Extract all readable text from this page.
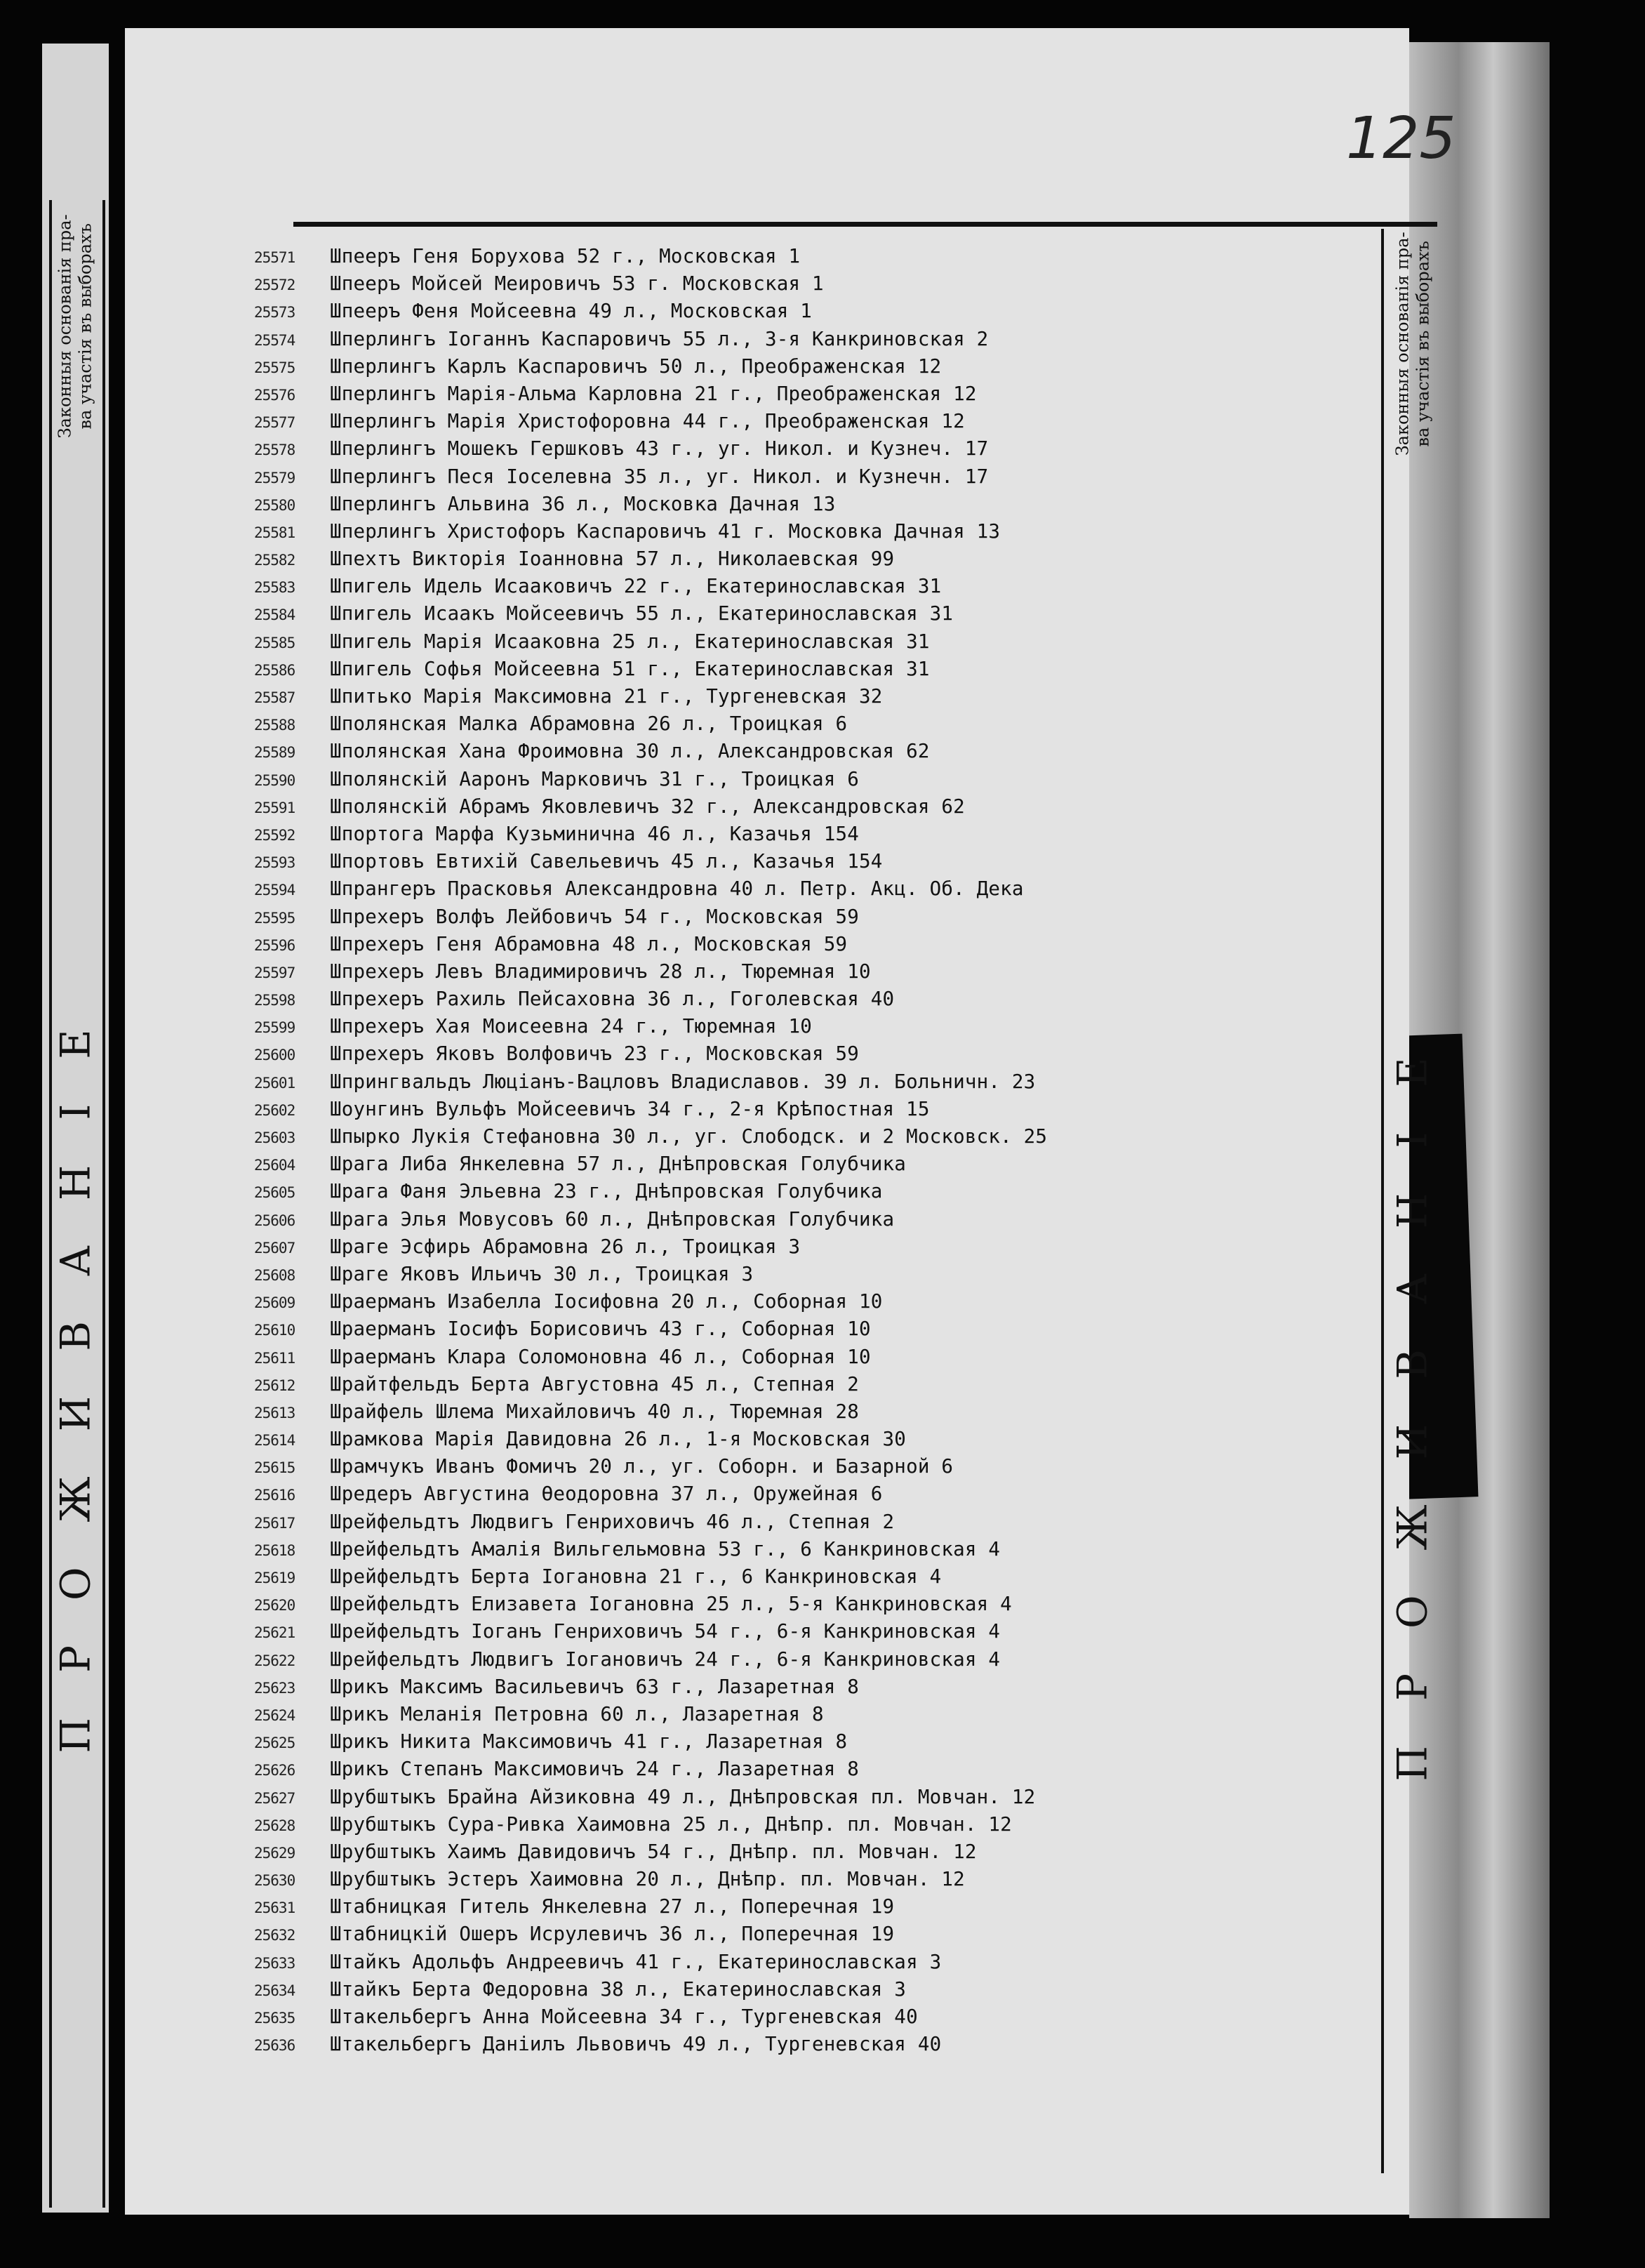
Законныя основанія пра-
ва участія въ выборахъ
ПРОЖИВАНІЕ
125
Законныя основанія пра-
ва участія въ выборахъ
ПРОЖИВАНІЕ
25571 Шпееръ Геня Борухова 52 г., Московская 1
25572 Шпееръ Мойсей Меировичъ 53 г. Московская 1
25573 Шпееръ Феня Мойсеевна 49 л., Московская 1
25574 Шперлингъ Іоганнъ Каспаровичъ 55 л., 3-я Канкриновская 2
25575 Шперлингъ Карлъ Каспаровичъ 50 л., Преображенская 12
25576 Шперлингъ Марія-Альма Карловна 21 г., Преображенская 12
25577 Шперлингъ Марія Христофоровна 44 г., Преображенская 12
25578 Шперлингъ Мошекъ Гершковъ 43 г., уг. Никол. и Кузнеч. 17
25579 Шперлингъ Песя Іоселевна 35 л., уг. Никол. и Кузнечн. 17
25580 Шперлингъ Альвина 36 л., Московка Дачная 13
25581 Шперлингъ Христофоръ Каспаровичъ 41 г. Московка Дачная 13
25582 Шпехтъ Викторія Іоанновна 57 л., Николаевская 99
25583 Шпигель Идель Исааковичъ 22 г., Екатеринославская 31
25584 Шпигель Исаакъ Мойсеевичъ 55 л., Екатеринославская 31
25585 Шпигель Марія Исааковна 25 л., Екатеринославская 31
25586 Шпигель Софья Мойсеевна 51 г., Екатеринославская 31
25587 Шпитько Марія Максимовна 21 г., Тургеневская 32
25588 Шполянская Малка Абрамовна 26 л., Троицкая 6
25589 Шполянская Хана Фроимовна 30 л., Александровская 62
25590 Шполянскій Ааронъ Марковичъ 31 г., Троицкая 6
25591 Шполянскій Абрамъ Яковлевичъ 32 г., Александровская 62
25592 Шпортога Марфа Кузьминична 46 л., Казачья 154
25593 Шпортовъ Евтихій Савельевичъ 45 л., Казачья 154
25594 Шпрангеръ Прасковья Александровна 40 л. Петр. Акц. Об. Дека
25595 Шпрехеръ Волфъ Лейбовичъ 54 г., Московская 59
25596 Шпрехеръ Геня Абрамовна 48 л., Московская 59
25597 Шпрехеръ Левъ Владимировичъ 28 л., Тюремная 10
25598 Шпрехеръ Рахиль Пейсаховна 36 л., Гоголевская 40
25599 Шпрехеръ Хая Моисеевна 24 г., Тюремная 10
25600 Шпрехеръ Яковъ Волфовичъ 23 г., Московская 59
25601 Шпрингвальдъ Люціанъ-Вацловъ Владиславов. 39 л. Больничн. 23
25602 Шоунгинъ Вульфъ Мойсеевичъ 34 г., 2-я Крѣпостная 15
25603 Шпырко Лукія Стефановна 30 л., уг. Слободск. и 2 Московск. 25
25604 Шрага Либа Янкелевна 57 л., Днѣпровская Голубчика
25605 Шрага Фаня Эльевна 23 г., Днѣпровская Голубчика
25606 Шрага Элья Мовусовъ 60 л., Днѣпровская Голубчика
25607 Шраге Эсфирь Абрамовна 26 л., Троицкая 3
25608 Шраге Яковъ Ильичъ 30 л., Троицкая 3
25609 Шраерманъ Изабелла Іосифовна 20 л., Соборная 10
25610 Шраерманъ Іосифъ Борисовичъ 43 г., Соборная 10
25611 Шраерманъ Клара Соломоновна 46 л., Соборная 10
25612 Шрайтфельдъ Берта Августовна 45 л., Степная 2
25613 Шрайфель Шлема Михайловичъ 40 л., Тюремная 28
25614 Шрамкова Марія Давидовна 26 л., 1-я Московская 30
25615 Шрамчукъ Иванъ Фомичъ 20 л., уг. Соборн. и Базарной 6
25616 Шредеръ Августина Өеодоровна 37 л., Оружейная 6
25617 Шрейфельдтъ Людвигъ Генриховичъ 46 л., Степная 2
25618 Шрейфельдтъ Амалія Вильгельмовна 53 г., 6 Канкриновская 4
25619 Шрейфельдтъ Берта Іогановна 21 г., 6 Канкриновская 4
25620 Шрейфельдтъ Елизавета Іогановна 25 л., 5-я Канкриновская 4
25621 Шрейфельдтъ Іоганъ Генриховичъ 54 г., 6-я Канкриновская 4
25622 Шрейфельдтъ Людвигъ Іогановичъ 24 г., 6-я Канкриновская 4
25623 Шрикъ Максимъ Васильевичъ 63 г., Лазаретная 8
25624 Шрикъ Меланія Петровна 60 л., Лазаретная 8
25625 Шрикъ Никита Максимовичъ 41 г., Лазаретная 8
25626 Шрикъ Степанъ Максимовичъ 24 г., Лазаретная 8
25627 Шрубштыкъ Брайна Айзиковна 49 л., Днѣпровская пл. Мовчан. 12
25628 Шрубштыкъ Сура-Ривка Хаимовна 25 л., Днѣпр. пл. Мовчан. 12
25629 Шрубштыкъ Хаимъ Давидовичъ 54 г., Днѣпр. пл. Мовчан. 12
25630 Шрубштыкъ Эстеръ Хаимовна 20 л., Днѣпр. пл. Мовчан. 12
25631 Штабницкая Гитель Янкелевна 27 л., Поперечная 19
25632 Штабницкій Ошеръ Исрулевичъ 36 л., Поперечная 19
25633 Штайкъ Адольфъ Андреевичъ 41 г., Екатеринославская 3
25634 Штайкъ Берта Федоровна 38 л., Екатеринославская 3
25635 Штакельбергъ Анна Мойсеевна 34 г., Тургеневская 40
25636 Штакельбергъ Даніилъ Львовичъ 49 л., Тургеневская 40
